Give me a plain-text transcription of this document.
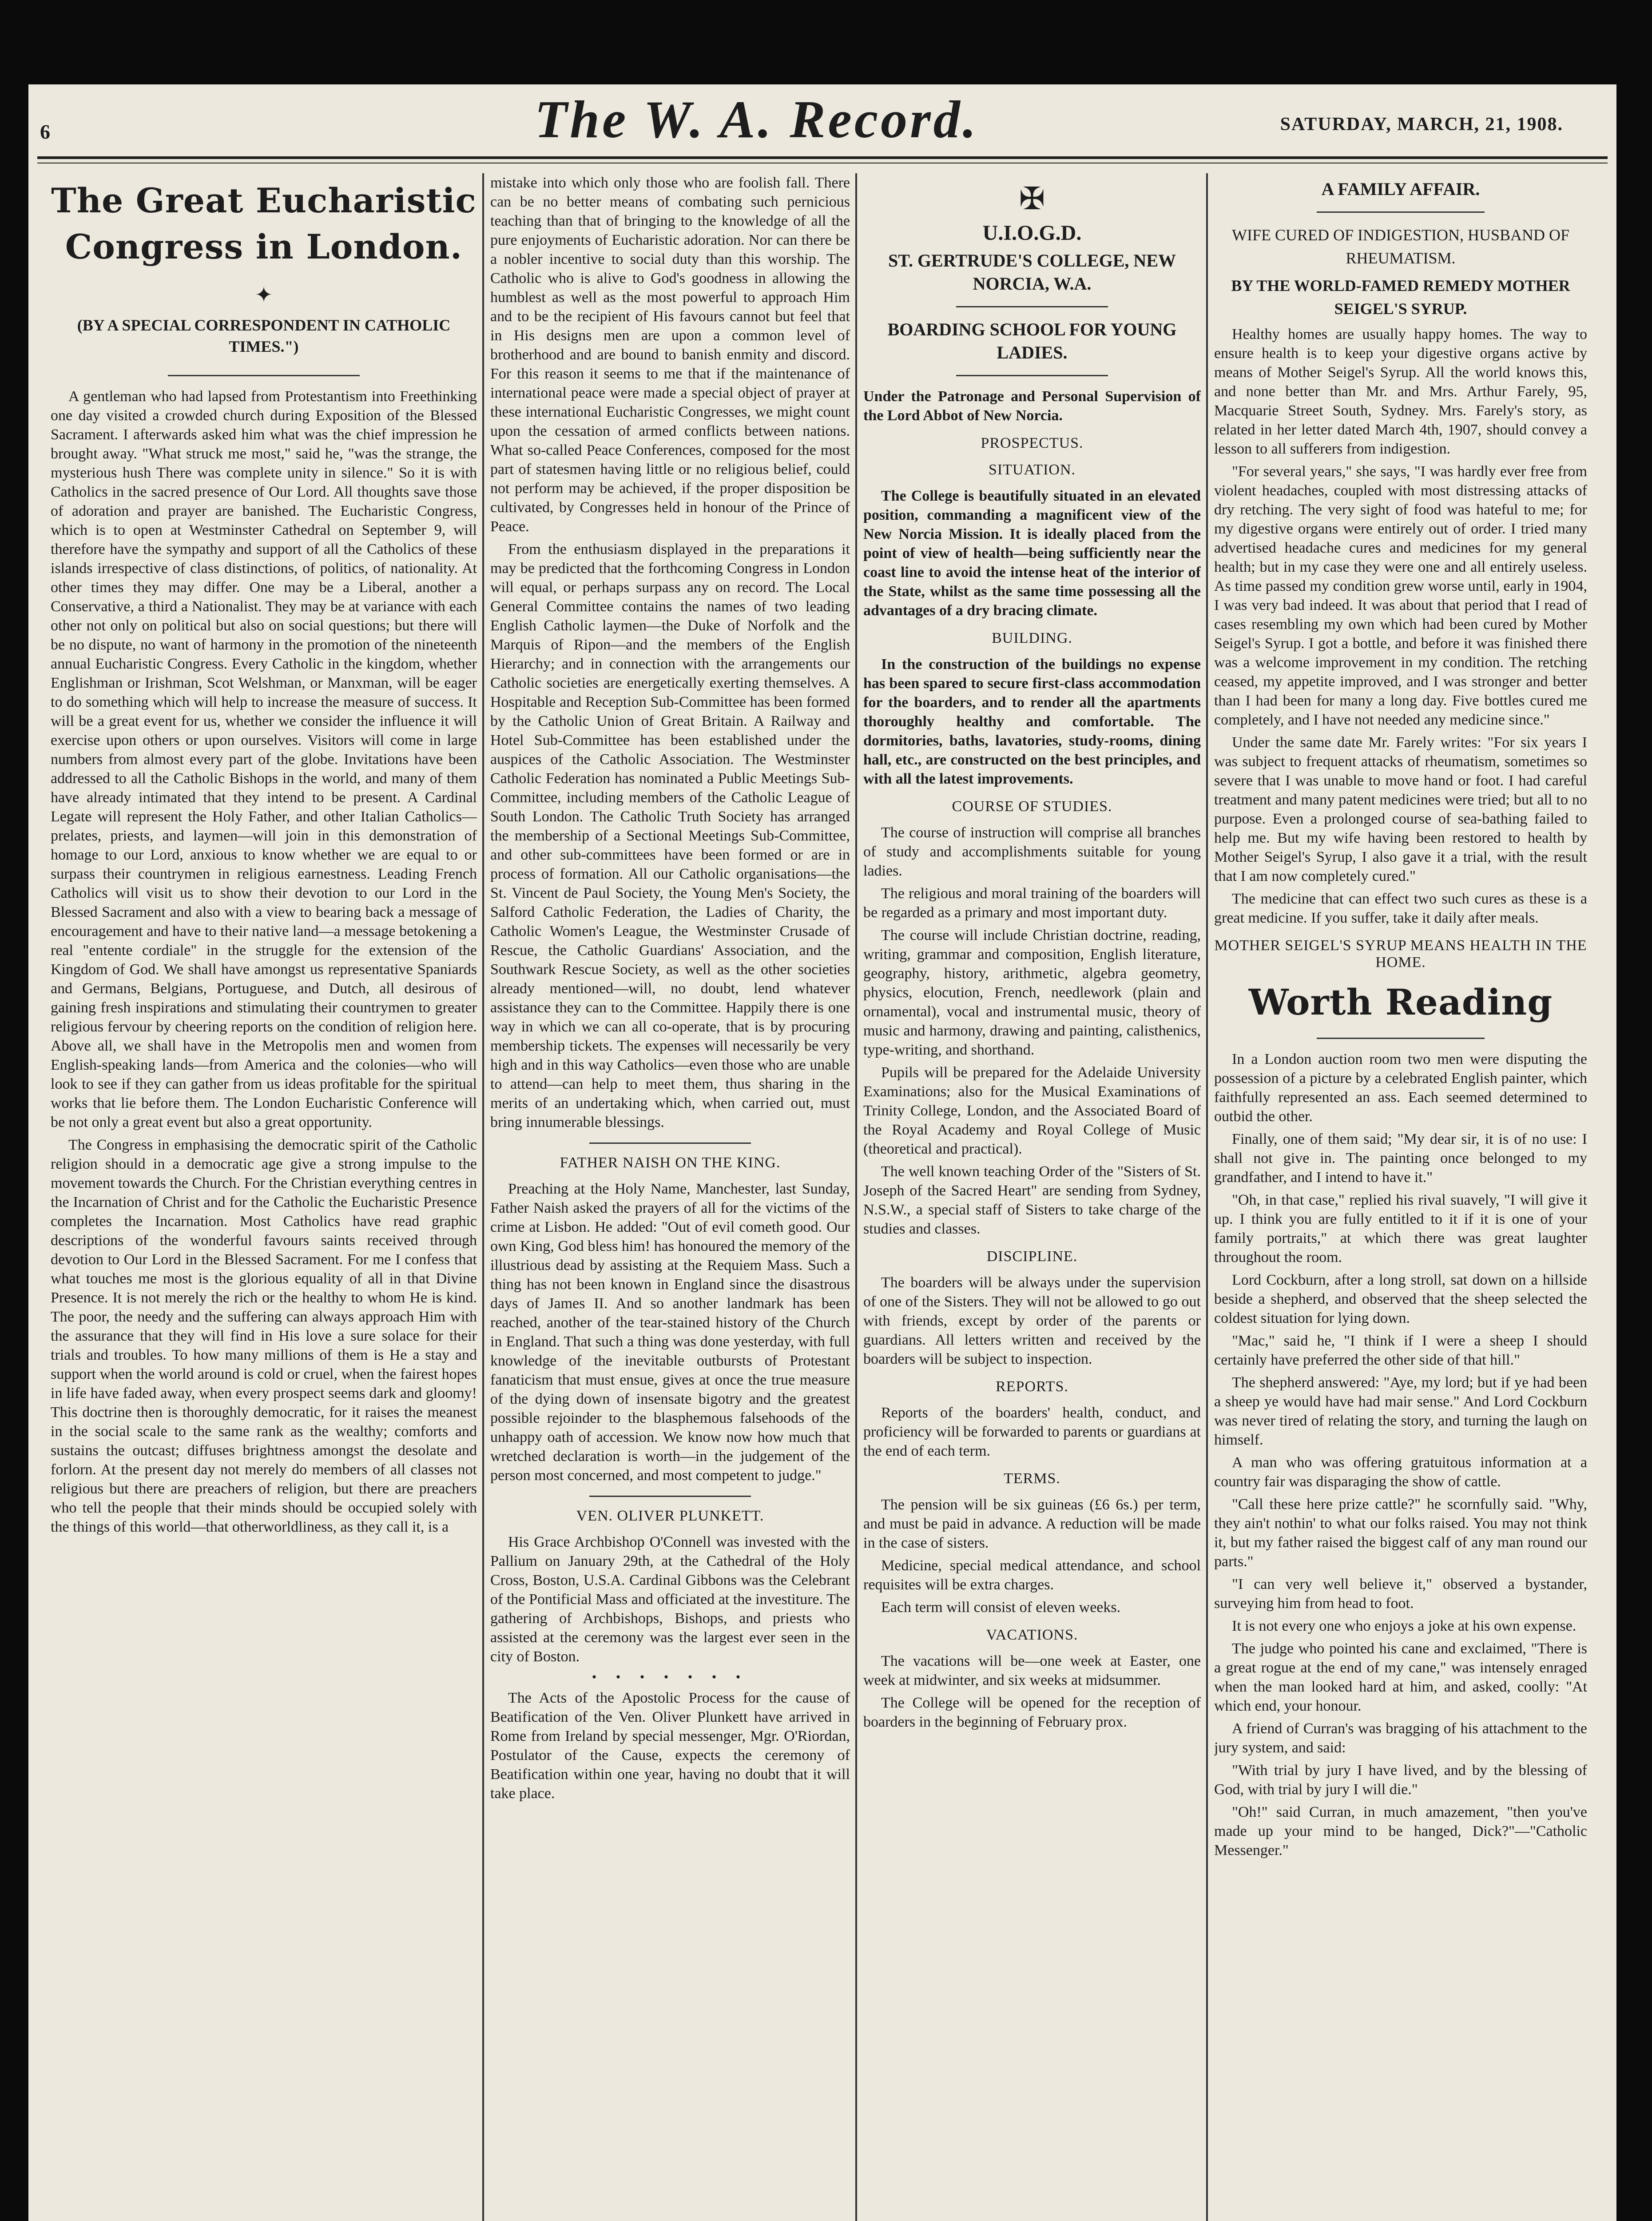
6	The W. A. Record.	SATURDAY, MARCH, 21, 1908.
The Great Eucharistic Congress in London.
✦
(BY A SPECIAL CORRESPONDENT IN CATHOLIC TIMES.")

A gentleman who had lapsed from Protestantism into Freethinking one day visited a crowded church during Exposition of the Blessed Sacrament. I afterwards asked him what was the chief impression he brought away. "What struck me most," said he, "was the strange, the mysterious hush There was complete unity in silence." So it is with Catholics in the sacred presence of Our Lord. All thoughts save those of adoration and prayer are banished. The Eucharistic Congress, which is to open at Westminster Cathedral on September 9, will therefore have the sympathy and support of all the Catholics of these islands irrespective of class distinctions, of politics, of nationality. At other times they may differ. One may be a Liberal, another a Conservative, a third a Nationalist. They may be at variance with each other not only on political but also on social questions; but there will be no dispute, no want of harmony in the promotion of the nineteenth annual Eucharistic Congress. Every Catholic in the kingdom, whether Englishman or Irishman, Scot Welshman, or Manxman, will be eager to do something which will help to increase the measure of success. It will be a great event for us, whether we consider the influence it will exercise upon others or upon ourselves. Visitors will come in large numbers from almost every part of the globe. Invitations have been addressed to all the Catholic Bishops in the world, and many of them have already intimated that they intend to be present. A Cardinal Legate will represent the Holy Father, and other Italian Catholics—prelates, priests, and laymen—will join in this demonstration of homage to our Lord, anxious to know whether we are equal to or surpass their countrymen in religious earnestness. Leading French Catholics will visit us to show their devotion to our Lord in the Blessed Sacrament and also with a view to bearing back a message of encouragement and have to their native land—a message betokening a real "entente cordiale" in the struggle for the extension of the Kingdom of God. We shall have amongst us representative Spaniards and Germans, Belgians, Portuguese, and Dutch, all desirous of gaining fresh inspirations and stimulating their countrymen to greater religious fervour by cheering reports on the condition of religion here. Above all, we shall have in the Metropolis men and women from English-speaking lands—from America and the colonies—who will look to see if they can gather from us ideas profitable for the spiritual works that lie before them. The London Eucharistic Conference will be not only a great event but also a great opportunity.

The Congress in emphasising the democratic spirit of the Catholic religion should in a democratic age give a strong impulse to the movement towards the Church. For the Christian everything centres in the Incarnation of Christ and for the Catholic the Eucharistic Presence completes the Incarnation. Most Catholics have read graphic descriptions of the wonderful favours saints received through devotion to Our Lord in the Blessed Sacrament. For me I confess that what touches me most is the glorious equality of all in that Divine Presence. It is not merely the rich or the healthy to whom He is kind. The poor, the needy and the suffering can always approach Him with the assurance that they will find in His love a sure solace for their trials and troubles. To how many millions of them is He a stay and support when the world around is cold or cruel, when the fairest hopes in life have faded away, when every prospect seems dark and gloomy! This doctrine then is thoroughly democratic, for it raises the meanest in the social scale to the same rank as the wealthy; comforts and sustains the outcast; diffuses brightness amongst the desolate and forlorn. At the present day not merely do members of all classes not religious but there are preachers of religion, but there are preachers who tell the people that their minds should be occupied solely with the things of this world—that otherworldliness, as they call it, is a

mistake into which only those who are foolish fall. There can be no better means of combating such pernicious teaching than that of bringing to the knowledge of all the pure enjoyments of Eucharistic adoration. Nor can there be a nobler incentive to social duty than this worship. The Catholic who is alive to God's goodness in allowing the humblest as well as the most powerful to approach Him and to be the recipient of His favours cannot but feel that in His designs men are upon a common level of brotherhood and are bound to banish enmity and discord. For this reason it seems to me that if the maintenance of international peace were made a special object of prayer at these international Eucharistic Congresses, we might count upon the cessation of armed conflicts between nations. What so-called Peace Conferences, composed for the most part of statesmen having little or no religious belief, could not perform may be achieved, if the proper disposition be cultivated, by Congresses held in honour of the Prince of Peace.

From the enthusiasm displayed in the preparations it may be predicted that the forthcoming Congress in London will equal, or perhaps surpass any on record. The Local General Committee contains the names of two leading English Catholic laymen—the Duke of Norfolk and the Marquis of Ripon—and the members of the English Hierarchy; and in connection with the arrangements our Catholic societies are energetically exerting themselves. A Hospitable and Reception Sub-Committee has been formed by the Catholic Union of Great Britain. A Railway and Hotel Sub-Committee has been established under the auspices of the Catholic Association. The Westminster Catholic Federation has nominated a Public Meetings Sub-Committee, including members of the Catholic League of South London. The Catholic Truth Society has arranged the membership of a Sectional Meetings Sub-Committee, and other sub-committees have been formed or are in process of formation. All our Catholic organisations—the St. Vincent de Paul Society, the Young Men's Society, the Salford Catholic Federation, the Ladies of Charity, the Catholic Women's League, the Westminster Crusade of Rescue, the Catholic Guardians' Association, and the Southwark Rescue Society, as well as the other societies already mentioned—will, no doubt, lend whatever assistance they can to the Committee. Happily there is one way in which we can all co-operate, that is by procuring membership tickets. The expenses will necessarily be very high and in this way Catholics—even those who are unable to attend—can help to meet them, thus sharing in the merits of an undertaking which, when carried out, must bring innumerable blessings.

FATHER NAISH ON THE KING.

Preaching at the Holy Name, Manchester, last Sunday, Father Naish asked the prayers of all for the victims of the crime at Lisbon. He added: "Out of evil cometh good. Our own King, God bless him! has honoured the memory of the illustrious dead by assisting at the Requiem Mass. Such a thing has not been known in England since the disastrous days of James II. And so another landmark has been reached, another of the tear-stained history of the Church in England. That such a thing was done yesterday, with full knowledge of the inevitable outbursts of Protestant fanaticism that must ensue, gives at once the true measure of the dying down of insensate bigotry and the greatest possible rejoinder to the blasphemous falsehoods of the unhappy oath of accession. We know now how much that wretched declaration is worth—in the judgement of the person most concerned, and most competent to judge."

VEN. OLIVER PLUNKETT.

His Grace Archbishop O'Connell was invested with the Pallium on January 29th, at the Cathedral of the Holy Cross, Boston, U.S.A. Cardinal Gibbons was the Celebrant of the Pontificial Mass and officiated at the investiture. The gathering of Archbishops, Bishops, and priests who assisted at the ceremony was the largest ever seen in the city of Boston.

• • • • • • •

The Acts of the Apostolic Process for the cause of Beatification of the Ven. Oliver Plunkett have arrived in Rome from Ireland by special messenger, Mgr. O'Riordan, Postulator of the Cause, expects the ceremony of Beatification within one year, having no doubt that it will take place.

✠
U.I.O.G.D.
ST. GERTRUDE'S COLLEGE, NEW NORCIA, W.A.
BOARDING SCHOOL FOR YOUNG LADIES.

Under the Patronage and Personal Supervision of the Lord Abbot of New Norcia.

PROSPECTUS.
SITUATION.

The College is beautifully situated in an elevated position, commanding a magnificent view of the New Norcia Mission. It is ideally placed from the point of view of health—being sufficiently near the coast line to avoid the intense heat of the interior of the State, whilst as the same time possessing all the advantages of a dry bracing climate.

BUILDING.

In the construction of the buildings no expense has been spared to secure first-class accommodation for the boarders, and to render all the apartments thoroughly healthy and comfortable. The dormitories, baths, lavatories, study-rooms, dining hall, etc., are constructed on the best principles, and with all the latest improvements.

COURSE OF STUDIES.

The course of instruction will comprise all branches of study and accomplishments suitable for young ladies.

The religious and moral training of the boarders will be regarded as a primary and most important duty.

The course will include Christian doctrine, reading, writing, grammar and composition, English literature, geography, history, arithmetic, algebra geometry, physics, elocution, French, needlework (plain and ornamental), vocal and instrumental music, theory of music and harmony, drawing and painting, calisthenics, type-writing, and shorthand.

Pupils will be prepared for the Adelaide University Examinations; also for the Musical Examinations of Trinity College, London, and the Associated Board of the Royal Academy and Royal College of Music (theoretical and practical).

The well known teaching Order of the "Sisters of St. Joseph of the Sacred Heart" are sending from Sydney, N.S.W., a special staff of Sisters to take charge of the studies and classes.

DISCIPLINE.

The boarders will be always under the supervision of one of the Sisters. They will not be allowed to go out with friends, except by order of the parents or guardians. All letters written and received by the boarders will be subject to inspection.

REPORTS.

Reports of the boarders' health, conduct, and proficiency will be forwarded to parents or guardians at the end of each term.

TERMS.

The pension will be six guineas (£6 6s.) per term, and must be paid in advance. A reduction will be made in the case of sisters.

Medicine, special medical attendance, and school requisites will be extra charges.

Each term will consist of eleven weeks.

VACATIONS.

The vacations will be—one week at Easter, one week at midwinter, and six weeks at midsummer.

The College will be opened for the reception of boarders in the beginning of February prox.

A FAMILY AFFAIR.
WIFE CURED OF INDIGESTION, HUSBAND OF RHEUMATISM.
BY THE WORLD-FAMED REMEDY MOTHER SEIGEL'S SYRUP.

Healthy homes are usually happy homes. The way to ensure health is to keep your digestive organs active by means of Mother Seigel's Syrup. All the world knows this, and none better than Mr. and Mrs. Arthur Farely, 95, Macquarie Street South, Sydney. Mrs. Farely's story, as related in her letter dated March 4th, 1907, should convey a lesson to all sufferers from indigestion.

"For several years," she says, "I was hardly ever free from violent headaches, coupled with most distressing attacks of dry retching. The very sight of food was hateful to me; for my digestive organs were entirely out of order. I tried many advertised headache cures and medicines for my general health; but in my case they were one and all entirely useless. As time passed my condition grew worse until, early in 1904, I was very bad indeed. It was about that period that I read of cases resembling my own which had been cured by Mother Seigel's Syrup. I got a bottle, and before it was finished there was a welcome improvement in my condition. The retching ceased, my appetite improved, and I was stronger and better than I had been for many a long day. Five bottles cured me completely, and I have not needed any medicine since."

Under the same date Mr. Farely writes: "For six years I was subject to frequent attacks of rheumatism, sometimes so severe that I was unable to move hand or foot. I had careful treatment and many patent medicines were tried; but all to no purpose. Even a prolonged course of sea-bathing failed to help me. But my wife having been restored to health by Mother Seigel's Syrup, I also gave it a trial, with the result that I am now completely cured."

The medicine that can effect two such cures as these is a great medicine. If you suffer, take it daily after meals.

MOTHER SEIGEL'S SYRUP MEANS HEALTH IN THE HOME.
Worth Reading

In a London auction room two men were disputing the possession of a picture by a celebrated English painter, which faithfully represented an ass. Each seemed determined to outbid the other.

Finally, one of them said; "My dear sir, it is of no use: I shall not give in. The painting once belonged to my grandfather, and I intend to have it."

"Oh, in that case," replied his rival suavely, "I will give it up. I think you are fully entitled to it if it is one of your family portraits," at which there was great laughter throughout the room.

Lord Cockburn, after a long stroll, sat down on a hillside beside a shepherd, and observed that the sheep selected the coldest situation for lying down.

"Mac," said he, "I think if I were a sheep I should certainly have preferred the other side of that hill."

The shepherd answered: "Aye, my lord; but if ye had been a sheep ye would have had mair sense." And Lord Cockburn was never tired of relating the story, and turning the laugh on himself.

A man who was offering gratuitous information at a country fair was disparaging the show of cattle.

"Call these here prize cattle?" he scornfully said. "Why, they ain't nothin' to what our folks raised. You may not think it, but my father raised the biggest calf of any man round our parts."

"I can very well believe it," observed a bystander, surveying him from head to foot.

It is not every one who enjoys a joke at his own expense.

The judge who pointed his cane and exclaimed, "There is a great rogue at the end of my cane," was intensely enraged when the man looked hard at him, and asked, coolly: "At which end, your honour.

A friend of Curran's was bragging of his attachment to the jury system, and said:

"With trial by jury I have lived, and by the blessing of God, with trial by jury I will die."

"Oh!" said Curran, in much amazement, "then you've made up your mind to be hanged, Dick?"—"Catholic Messenger."
